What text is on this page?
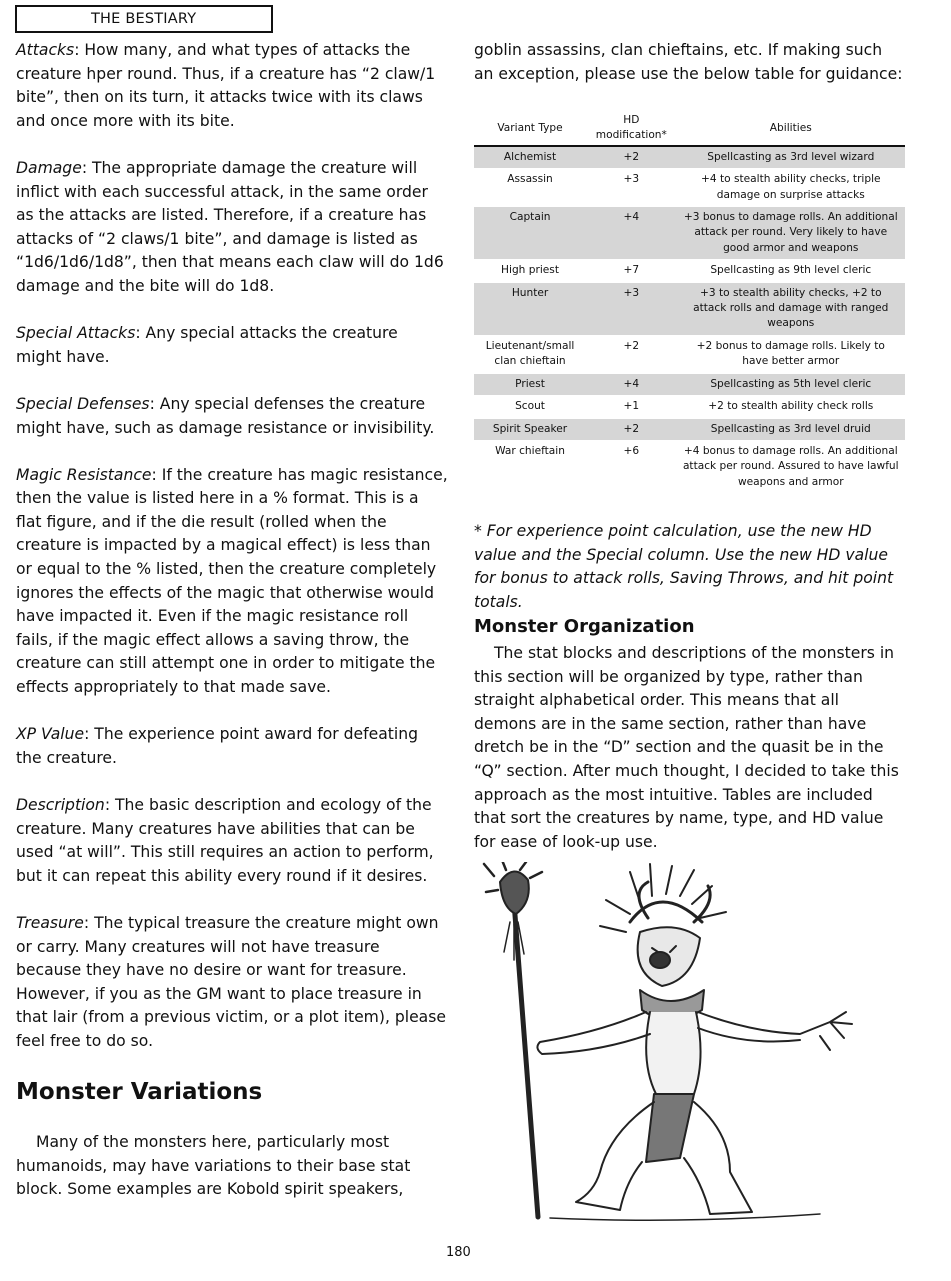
THE BESTIARY

Attacks: How many, and what types of attacks the creature hper round. Thus, if a creature has “2 claw/1 bite”, then on its turn, it attacks twice with its claws and once more with its bite.

Damage: The appropriate damage the creature will inflict with each successful attack, in the same order as the attacks are listed. Therefore, if a creature has attacks of “2 claws/1 bite”, and damage is listed as “1d6/1d6/1d8”, then that means each claw will do 1d6 damage and the bite will do 1d8.

Special Attacks: Any special attacks the creature might have.

Special Defenses: Any special defenses the creature might have, such as damage resistance or invisibility.

Magic Resistance: If the creature has magic resistance, then the value is listed here in a % format. This is a flat figure, and if the die result (rolled when the creature is impacted by a magical effect) is less than or equal to the % listed, then the creature completely ignores the effects of the magic that otherwise would have impacted it. Even if the magic resistance roll fails, if the magic effect allows a saving throw, the creature can still attempt one in order to mitigate the effects appropriately to that made save.

XP Value: The experience point award for defeating the creature.

Description: The basic description and ecology of the creature. Many creatures have abilities that can be used “at will”. This still requires an action to perform, but it can repeat this ability every round if it desires.

Treasure: The typical treasure the creature might own or carry. Many creatures will not have treasure because they have no desire or want for treasure. However, if you as the GM want to place treasure in that lair (from a previous victim, or a plot item), please feel free to do so.

Monster Variations

Many of the monsters here, particularly most humanoids, may have variations to their base stat block. Some examples are Kobold spirit speakers,

goblin assassins, clan chieftains, etc. If making such an exception, please use the below table for guidance:

Variant Type	HD modification*	Abilities
Alchemist	+2	Spellcasting as 3rd level wizard
Assassin	+3	+4 to stealth ability checks, triple damage on surprise attacks
Captain	+4	+3 bonus to damage rolls. An additional attack per round. Very likely to have good armor and weapons
High priest	+7	Spellcasting as 9th level cleric
Hunter	+3	+3 to stealth ability checks, +2 to attack rolls and damage with ranged weapons
Lieutenant/small clan chieftain	+2	+2 bonus to damage rolls. Likely to have better armor
Priest	+4	Spellcasting as 5th level cleric
Scout	+1	+2 to stealth ability check rolls
Spirit Speaker	+2	Spellcasting as 3rd level druid
War chieftain	+6	+4 bonus to damage rolls. An additional attack per round. Assured to have lawful weapons and armor
* For experience point calculation, use the new HD value and the Special column. Use the new HD value for bonus to attack rolls, Saving Throws, and hit point totals.
Monster Organization
The stat blocks and descriptions of the monsters in this section will be organized by type, rather than straight alphabetical order. This means that all demons are in the same section, rather than have dretch be in the “D” section and the quasit be in the “Q” section. After much thought, I decided to take this approach as the most intuitive. Tables are included that sort the creatures by name, type, and HD value for ease of look-up use.
180
